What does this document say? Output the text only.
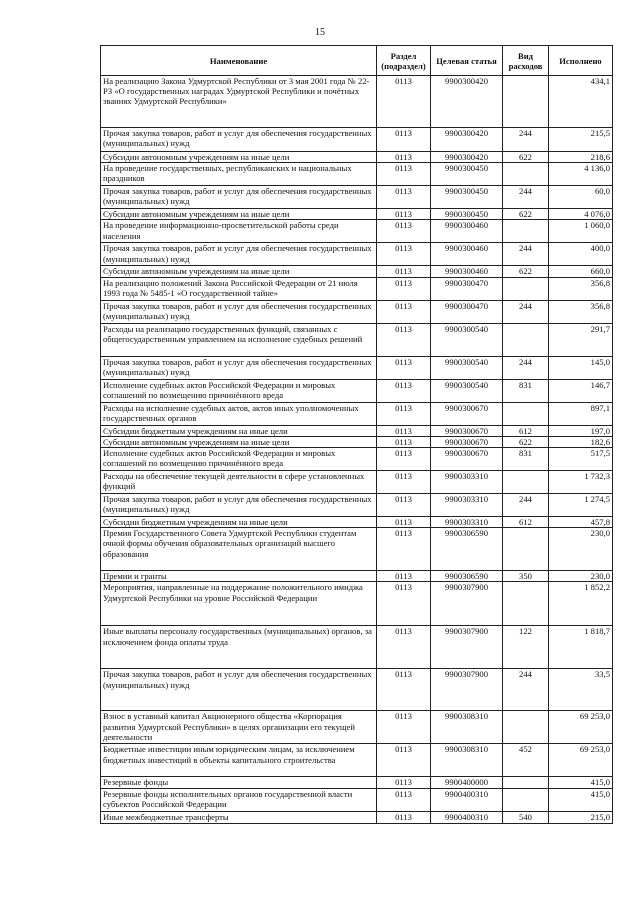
15
Наименование	Раздел (подраздел)	Целевая статья	Вид расходов	Исполнено
На реализацию Закона Удмуртской Республики от 3 мая 2001 года № 22-РЗ «О государственных наградах Удмуртской Республики и почётных званиях Удмуртской Республики»	0113	9900300420		434,1
Прочая закупка товаров, работ и услуг для обеспечения государственных (муниципальных) нужд	0113	9900300420	244	215,5
Субсидии автономным учреждениям на иные цели	0113	9900300420	622	218,6
На проведение государственных, республиканских и национальных праздников	0113	9900300450		4 136,0
Прочая закупка товаров, работ и услуг для обеспечения государственных (муниципальных) нужд	0113	9900300450	244	60,0
Субсидии автономным учреждениям на иные цели	0113	9900300450	622	4 076,0
На проведение информационно-просветительской работы среди населения	0113	9900300460		1 060,0
Прочая закупка товаров, работ и услуг для обеспечения государственных (муниципальных) нужд	0113	9900300460	244	400,0
Субсидии автономным учреждениям на иные цели	0113	9900300460	622	660,0
На реализацию положений Закона Российской Федерации от 21 июля 1993 года № 5485-1 «О государственной тайне»	0113	9900300470		356,8
Прочая закупка товаров, работ и услуг для обеспечения государственных (муниципальных) нужд	0113	9900300470	244	356,8
Расходы на реализацию государственных функций, связанных с общегосударственным управлением на исполнение судебных решений	0113	9900300540		291,7
Прочая закупка товаров, работ и услуг для обеспечения государственных (муниципальных) нужд	0113	9900300540	244	145,0
Исполнение судебных актов Российской Федерации и мировых соглашений по возмещению причинённого вреда	0113	9900300540	831	146,7
Расходы на исполнение судебных актов, актов иных уполномоченных государственных органов	0113	9900300670		897,1
Субсидии бюджетным учреждениям на иные цели	0113	9900300670	612	197,0
Субсидии автономным учреждениям на иные цели	0113	9900300670	622	182,6
Исполнение судебных актов Российской Федерации и мировых соглашений по возмещению причинённого вреда	0113	9900300670	831	517,5
Расходы на обеспечение текущей деятельности в сфере установленных функций	0113	9900303310		1 732,3
Прочая закупка товаров, работ и услуг для обеспечения государственных (муниципальных) нужд	0113	9900303310	244	1 274,5
Субсидии бюджетным учреждениям на иные цели	0113	9900303310	612	457,8
Премия Государственного Совета Удмуртской Республики студентам очной формы обучения образовательных организаций высшего образования	0113	9900306590		230,0
Премии и гранты	0113	9900306590	350	230,0
Мероприятия, направленные на поддержание положительного имиджа Удмуртской Республики на уровне Российской Федерации	0113	9900307900		1 852,2
Иные выплаты персоналу государственных (муниципальных) органов, за исключением фонда оплаты труда	0113	9900307900	122	1 818,7
Прочая закупка товаров, работ и услуг для обеспечения государственных (муниципальных) нужд	0113	9900307900	244	33,5
Взнос в уставный капитал Акционерного общества «Корпорация развития Удмуртской Республики» в целях организации его текущей деятельности	0113	9900308310		69 253,0
Бюджетные инвестиции иным юридическим лицам, за исключением бюджетных инвестиций в объекты капитального строительства	0113	9900308310	452	69 253,0
Резервные фонды	0113	9900400000		415,0
Резервные фонды исполнительных органов государственной власти субъектов Российской Федерации	0113	9900400310		415,0
Иные межбюджетные трансферты	0113	9900400310	540	215,0
